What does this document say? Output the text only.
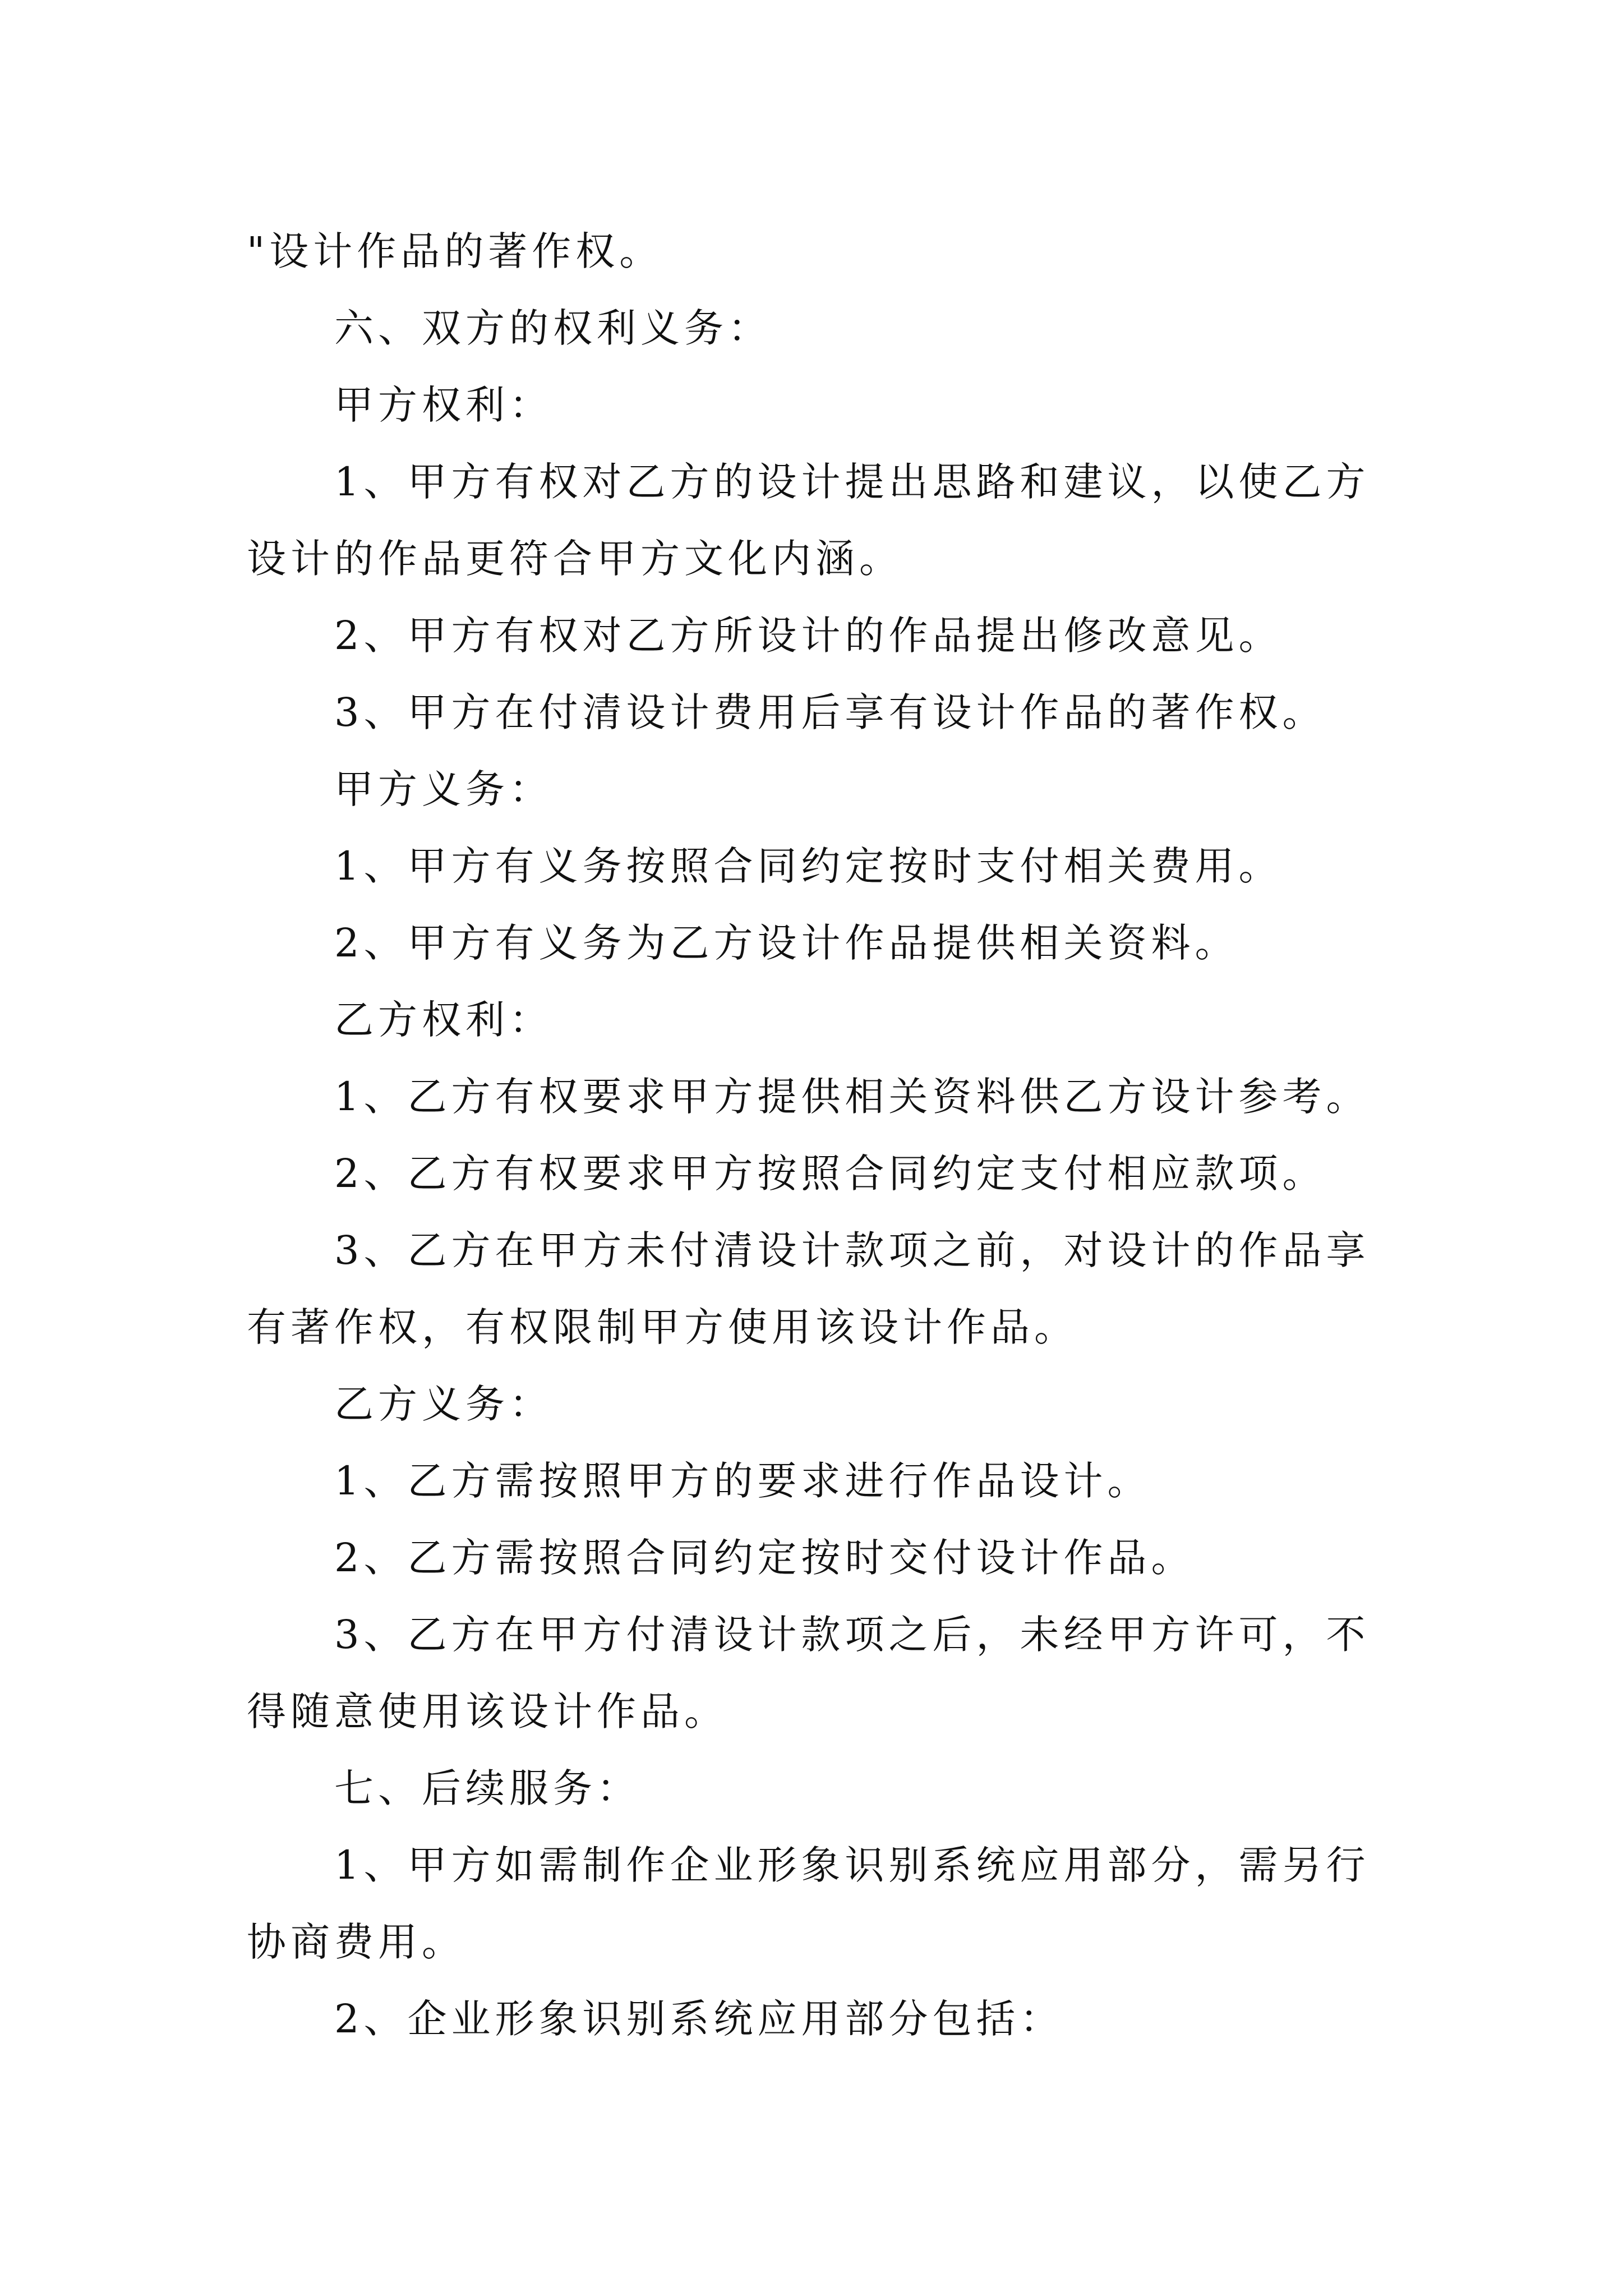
"设计作品的著作权。

六、双方的权利义务：

甲方权利：

1、甲方有权对乙方的设计提出思路和建议，以使乙方设计的作品更符合甲方文化内涵。

2、甲方有权对乙方所设计的作品提出修改意见。

3、甲方在付清设计费用后享有设计作品的著作权。

甲方义务：

1、甲方有义务按照合同约定按时支付相关费用。

2、甲方有义务为乙方设计作品提供相关资料。

乙方权利：

1、乙方有权要求甲方提供相关资料供乙方设计参考。

2、乙方有权要求甲方按照合同约定支付相应款项。

3、乙方在甲方未付清设计款项之前，对设计的作品享有著作权，有权限制甲方使用该设计作品。

乙方义务：

1、乙方需按照甲方的要求进行作品设计。

2、乙方需按照合同约定按时交付设计作品。

3、乙方在甲方付清设计款项之后，未经甲方许可，不得随意使用该设计作品。

七、后续服务：

1、甲方如需制作企业形象识别系统应用部分，需另行协商费用。

2、企业形象识别系统应用部分包括：
